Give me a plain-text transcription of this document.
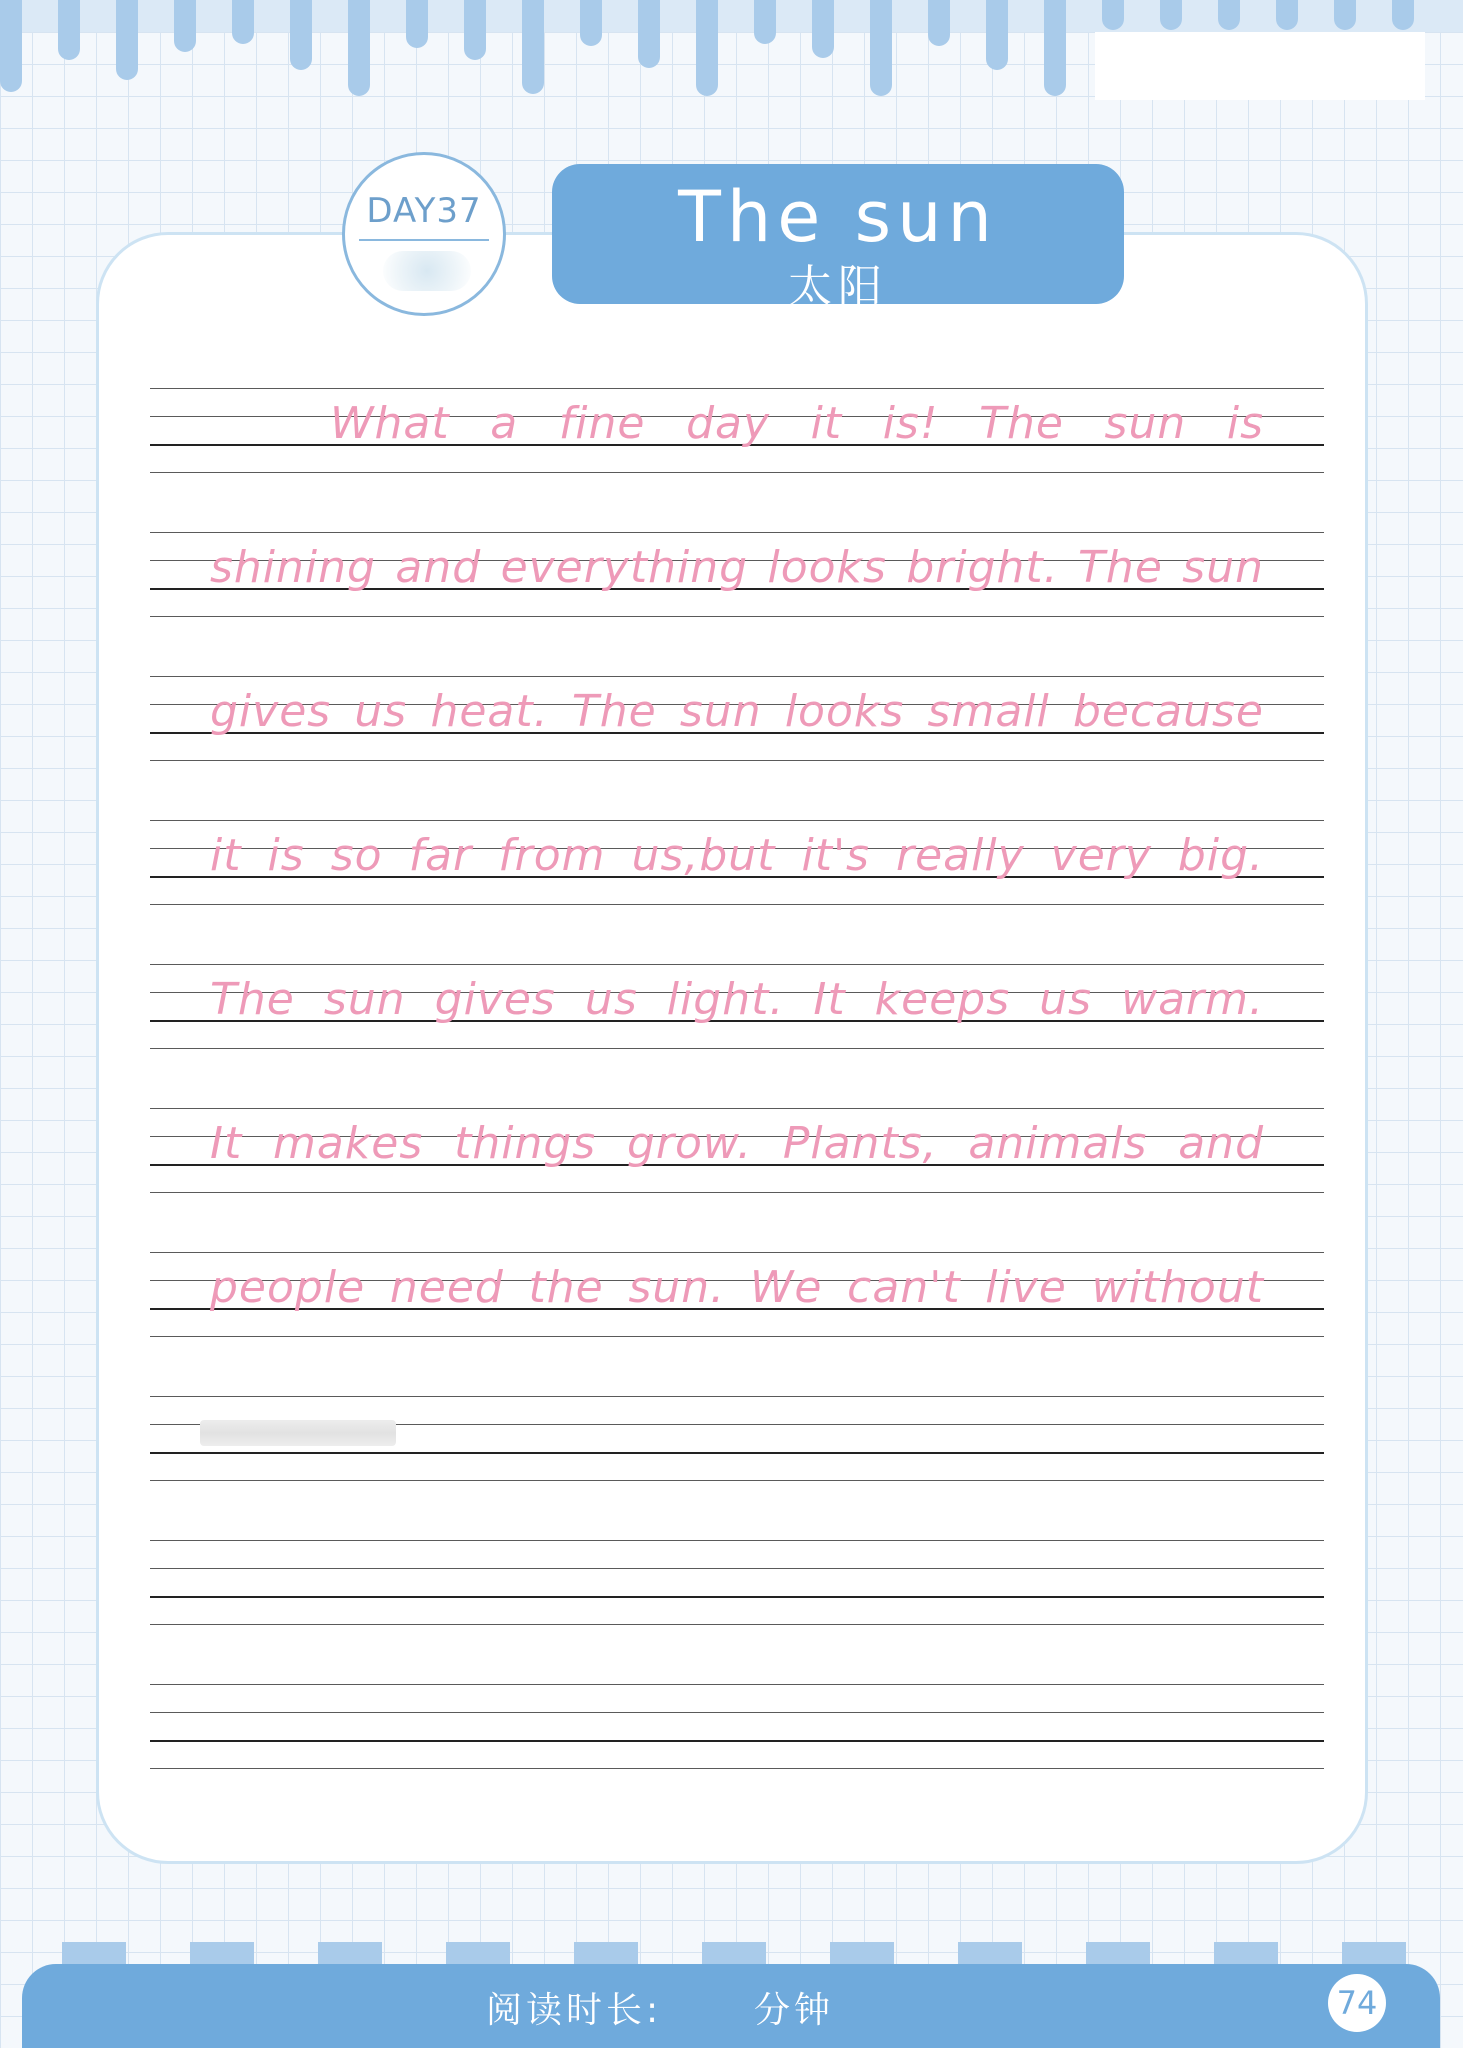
DAY37	The sun
太阳
What a fine day it is! The sun is
shining and everything looks bright. The sun
gives us heat. The sun looks small because
it is so far from us,but it's really very big.
The sun gives us light. It keeps us warm.
It makes things grow. Plants, animals and
people need the sun. We can't live without
阅读时长:	分钟	74
